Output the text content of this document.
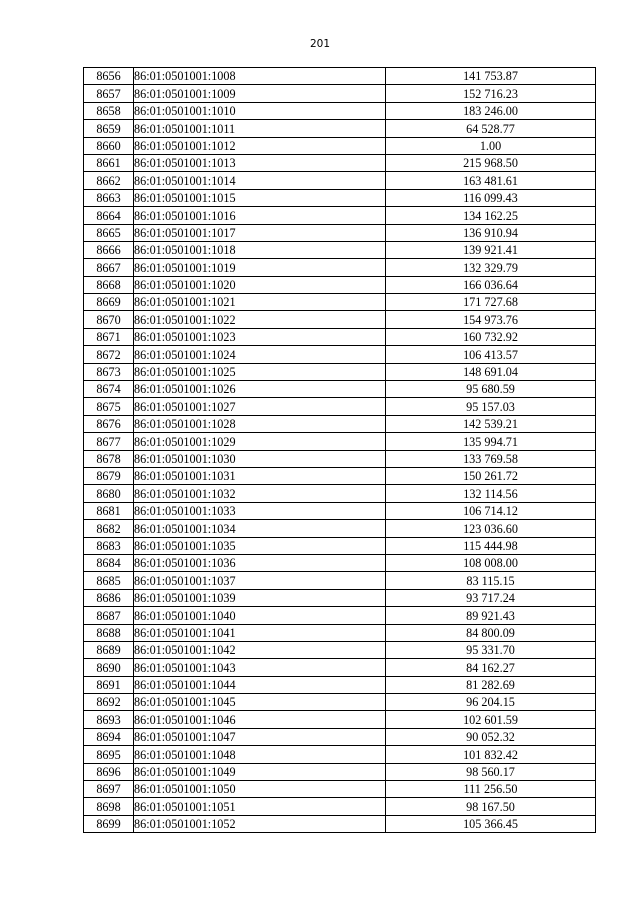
201
8656	86:01:0501001:1008	141 753.87
8657	86:01:0501001:1009	152 716.23
8658	86:01:0501001:1010	183 246.00
8659	86:01:0501001:1011	64 528.77
8660	86:01:0501001:1012	1.00
8661	86:01:0501001:1013	215 968.50
8662	86:01:0501001:1014	163 481.61
8663	86:01:0501001:1015	116 099.43
8664	86:01:0501001:1016	134 162.25
8665	86:01:0501001:1017	136 910.94
8666	86:01:0501001:1018	139 921.41
8667	86:01:0501001:1019	132 329.79
8668	86:01:0501001:1020	166 036.64
8669	86:01:0501001:1021	171 727.68
8670	86:01:0501001:1022	154 973.76
8671	86:01:0501001:1023	160 732.92
8672	86:01:0501001:1024	106 413.57
8673	86:01:0501001:1025	148 691.04
8674	86:01:0501001:1026	95 680.59
8675	86:01:0501001:1027	95 157.03
8676	86:01:0501001:1028	142 539.21
8677	86:01:0501001:1029	135 994.71
8678	86:01:0501001:1030	133 769.58
8679	86:01:0501001:1031	150 261.72
8680	86:01:0501001:1032	132 114.56
8681	86:01:0501001:1033	106 714.12
8682	86:01:0501001:1034	123 036.60
8683	86:01:0501001:1035	115 444.98
8684	86:01:0501001:1036	108 008.00
8685	86:01:0501001:1037	83 115.15
8686	86:01:0501001:1039	93 717.24
8687	86:01:0501001:1040	89 921.43
8688	86:01:0501001:1041	84 800.09
8689	86:01:0501001:1042	95 331.70
8690	86:01:0501001:1043	84 162.27
8691	86:01:0501001:1044	81 282.69
8692	86:01:0501001:1045	96 204.15
8693	86:01:0501001:1046	102 601.59
8694	86:01:0501001:1047	90 052.32
8695	86:01:0501001:1048	101 832.42
8696	86:01:0501001:1049	98 560.17
8697	86:01:0501001:1050	111 256.50
8698	86:01:0501001:1051	98 167.50
8699	86:01:0501001:1052	105 366.45
